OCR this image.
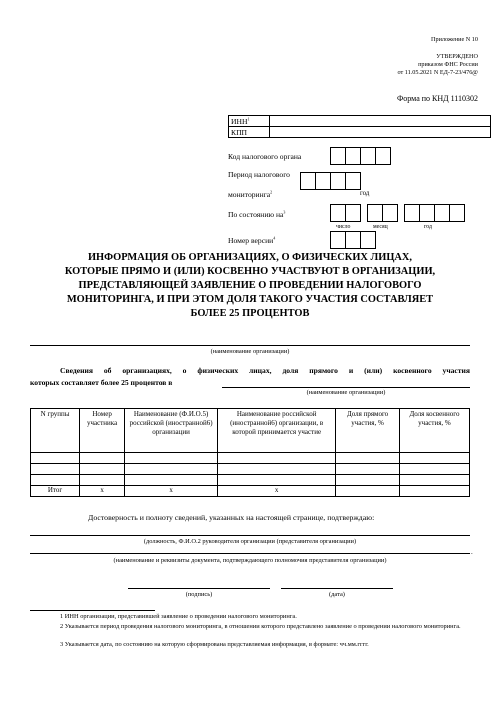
Приложение N 10
УТВЕРЖДЕНО
приказом ФНС России
от 11.05.2021 N ЕД-7-23/476@
Форма по КНД 1110302
ИНН$^1$
КПП

Код налогового органа

Период налогового
мониторинга$^2$
				год
По состоянию $на^3$

число	месяц	год
Номер версии$^4$

ИНФОРМАЦИЯ ОБ ОРГАНИЗАЦИЯХ, О ФИЗИЧЕСКИХ ЛИЦАХ,
КОТОРЫЕ ПРЯМО И (ИЛИ) КОСВЕННО УЧАСТВУЮТ В ОРГАНИЗАЦИИ,
ПРЕДСТАВЛЯЮЩЕЙ ЗАЯВЛЕНИЕ О ПРОВЕДЕНИИ НАЛОГОВОГО
МОНИТОРИНГА, И ПРИ ЭТОМ ДОЛЯ ТАКОГО УЧАСТИЯ СОСТАВЛЯЕТ
БОЛЕЕ 25 ПРОЦЕНТОВ
(наименование организации)
Сведения об организациях, о физических лицах, доля прямого и (или) косвенного участия
которых составляет более 25 процентов в
(наименование организации)
N группы	Номер участника	Наименование (Ф.И.О.5) российской (иностранной6) организации	Наименование российской (иностранной6) организации, в которой принимается участие	Доля прямого участия, %	Доля косвенного участия, %

Итог	х	х	х		
Достоверность и полноту сведений, указанных на настоящей странице, подтверждаю:
(должность, Ф.И.О.2 руководителя организации (представителя организации)
.
(наименование и реквизиты документа, подтверждающего полномочия представителя организации)
(подпись)	(дата)
1 ИНН организации, представившей заявление о проведении налогового мониторинга.
2 Указывается период проведения налогового мониторинга, в отношении которого представлено заявление о проведении налогового мониторинга.
3 Указывается дата, по состоянию на которую сформирована представляемая информация, в формате: чч.мм.гггг.
